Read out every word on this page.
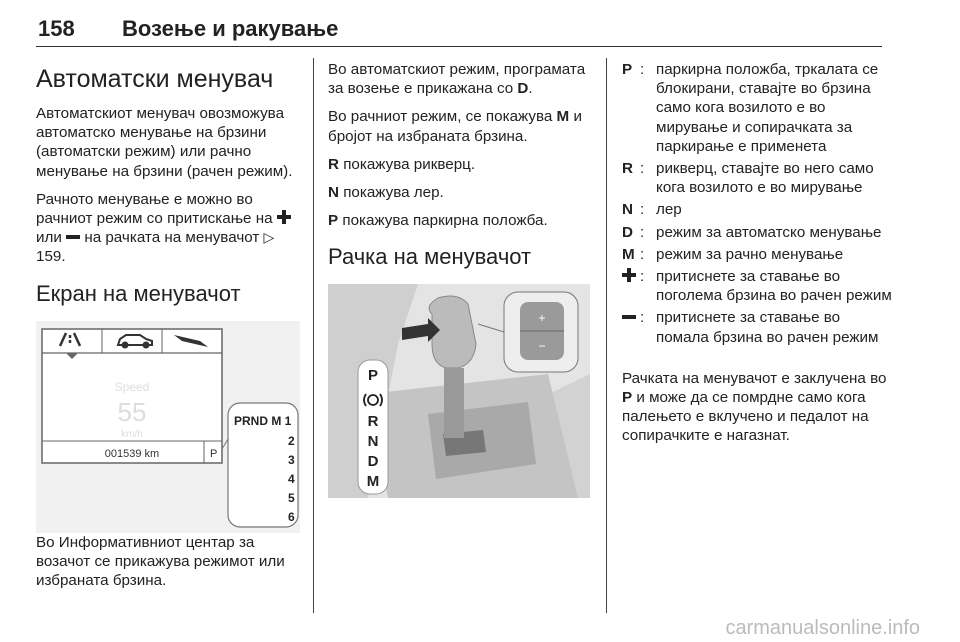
158 Возење и ракување
Автоматски менувач

Автоматскиот менувач овозможува автоматско менување на брзини (автоматски режим) или рачно менување на брзини (рачен режим).

Рачното менување е можно во рачниот режим со притискање на  или на рачката на менувачот ▷ 159.

Екран на менувачот
Speed
55
km/h
001539 km	P
PRND M 1
2
3
4
5
6

Во Информативниот центар за возачот се прикажува режимот или избраната брзина.

Во автоматскиот режим, програмата за возење е прикажана со D.

Во рачниот режим, се покажува M и бројот на избраната брзина.

R покажува рикверц.

N покажува лер.

P покажува паркирна положба.

Рачка на менувачот
+
−
P
R
N
D
M
P : паркирна положба, тркалата се блокирани, ставајте во брзина само кога возилото е во мирување и сопирачката за паркирање е применета
R : рикверц, ставајте во него само кога возилото е во мирување
N : лер
D : режим за автоматско менување
M : режим за рачно менување
: притиснете за ставање во поголема брзина во рачен режим
: притиснете за ставање во помала брзина во рачен режим

Рачката на менувачот е заклучена во P и може да се помрдне само кога палењето е вклучено и педалот на сопирачките е нагазнат.

carmanualsonline.info
